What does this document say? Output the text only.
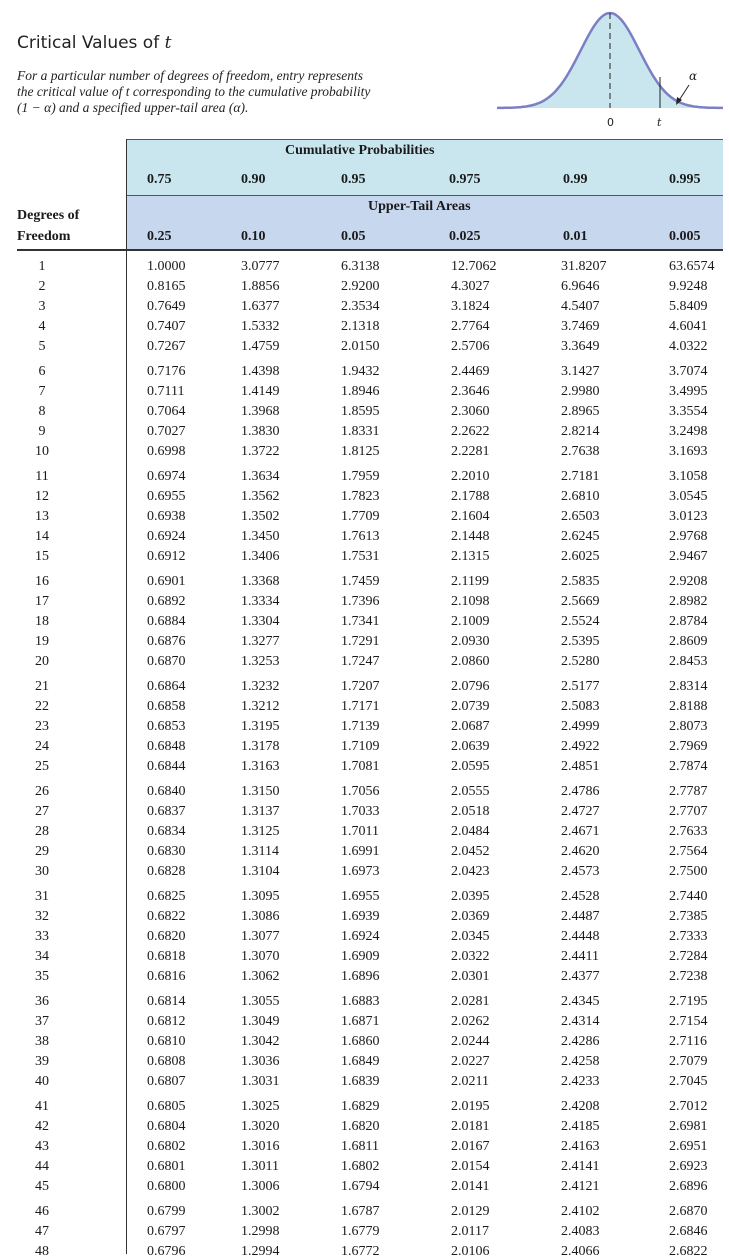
Critical Values of t
For a particular number of degrees of freedom, entry represents
the critical value of t corresponding to the cumulative probability
(1 − α) and a specified upper-tail area (α).
α
0	t
Cumulative Probabilities
Upper-Tail Areas
Degrees of
Freedom
0.75	0.90	0.95	0.975	0.99	0.995
0.25	0.10	0.05	0.025	0.01	0.005
1	1.0000	3.0777	6.3138	12.7062	31.8207	63.6574
2	0.8165	1.8856	2.9200	4.3027	6.9646	9.9248
3	0.7649	1.6377	2.3534	3.1824	4.5407	5.8409
4	0.7407	1.5332	2.1318	2.7764	3.7469	4.6041
5	0.7267	1.4759	2.0150	2.5706	3.3649	4.0322
6	0.7176	1.4398	1.9432	2.4469	3.1427	3.7074
7	0.7111	1.4149	1.8946	2.3646	2.9980	3.4995
8	0.7064	1.3968	1.8595	2.3060	2.8965	3.3554
9	0.7027	1.3830	1.8331	2.2622	2.8214	3.2498
10	0.6998	1.3722	1.8125	2.2281	2.7638	3.1693
11	0.6974	1.3634	1.7959	2.2010	2.7181	3.1058
12	0.6955	1.3562	1.7823	2.1788	2.6810	3.0545
13	0.6938	1.3502	1.7709	2.1604	2.6503	3.0123
14	0.6924	1.3450	1.7613	2.1448	2.6245	2.9768
15	0.6912	1.3406	1.7531	2.1315	2.6025	2.9467
16	0.6901	1.3368	1.7459	2.1199	2.5835	2.9208
17	0.6892	1.3334	1.7396	2.1098	2.5669	2.8982
18	0.6884	1.3304	1.7341	2.1009	2.5524	2.8784
19	0.6876	1.3277	1.7291	2.0930	2.5395	2.8609
20	0.6870	1.3253	1.7247	2.0860	2.5280	2.8453
21	0.6864	1.3232	1.7207	2.0796	2.5177	2.8314
22	0.6858	1.3212	1.7171	2.0739	2.5083	2.8188
23	0.6853	1.3195	1.7139	2.0687	2.4999	2.8073
24	0.6848	1.3178	1.7109	2.0639	2.4922	2.7969
25	0.6844	1.3163	1.7081	2.0595	2.4851	2.7874
26	0.6840	1.3150	1.7056	2.0555	2.4786	2.7787
27	0.6837	1.3137	1.7033	2.0518	2.4727	2.7707
28	0.6834	1.3125	1.7011	2.0484	2.4671	2.7633
29	0.6830	1.3114	1.6991	2.0452	2.4620	2.7564
30	0.6828	1.3104	1.6973	2.0423	2.4573	2.7500
31	0.6825	1.3095	1.6955	2.0395	2.4528	2.7440
32	0.6822	1.3086	1.6939	2.0369	2.4487	2.7385
33	0.6820	1.3077	1.6924	2.0345	2.4448	2.7333
34	0.6818	1.3070	1.6909	2.0322	2.4411	2.7284
35	0.6816	1.3062	1.6896	2.0301	2.4377	2.7238
36	0.6814	1.3055	1.6883	2.0281	2.4345	2.7195
37	0.6812	1.3049	1.6871	2.0262	2.4314	2.7154
38	0.6810	1.3042	1.6860	2.0244	2.4286	2.7116
39	0.6808	1.3036	1.6849	2.0227	2.4258	2.7079
40	0.6807	1.3031	1.6839	2.0211	2.4233	2.7045
41	0.6805	1.3025	1.6829	2.0195	2.4208	2.7012
42	0.6804	1.3020	1.6820	2.0181	2.4185	2.6981
43	0.6802	1.3016	1.6811	2.0167	2.4163	2.6951
44	0.6801	1.3011	1.6802	2.0154	2.4141	2.6923
45	0.6800	1.3006	1.6794	2.0141	2.4121	2.6896
46	0.6799	1.3002	1.6787	2.0129	2.4102	2.6870
47	0.6797	1.2998	1.6779	2.0117	2.4083	2.6846
48	0.6796	1.2994	1.6772	2.0106	2.4066	2.6822
